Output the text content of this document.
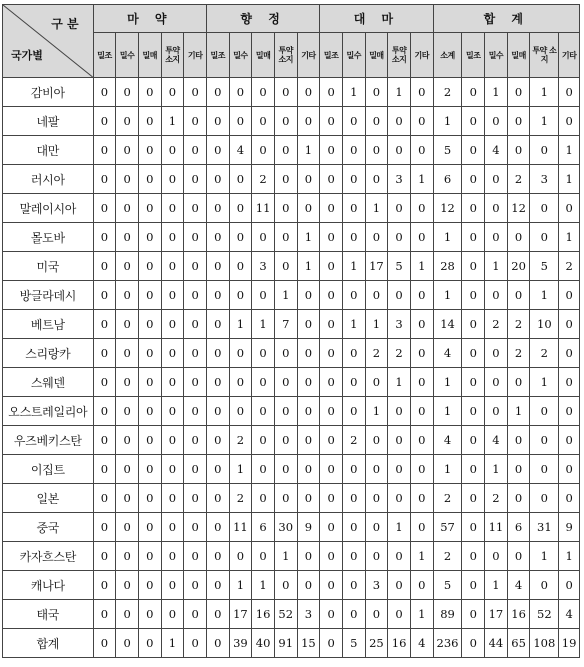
구 분
국가별	마 약					향 정					대 마					합 계					
	밀조	밀수	밀매	투약 소지	기타	밀조	밀수	밀매	투약 소지	기타	밀조	밀수	밀매	투약 소지	기타	소계	밀조	밀수	밀매	투약 소지	기타
감비아	0	0	0	0	0	0	0	0	0	0	0	1	0	1	0	2	0	1	0	1	0
네팔	0	0	0	1	0	0	0	0	0	0	0	0	0	0	0	1	0	0	0	1	0
대만	0	0	0	0	0	0	4	0	0	1	0	0	0	0	0	5	0	4	0	0	1
러시아	0	0	0	0	0	0	0	2	0	0	0	0	0	3	1	6	0	0	2	3	1
말레이시아	0	0	0	0	0	0	0	11	0	0	0	0	1	0	0	12	0	0	12	0	0
몰도바	0	0	0	0	0	0	0	0	0	1	0	0	0	0	0	1	0	0	0	0	1
미국	0	0	0	0	0	0	0	3	0	1	0	1	17	5	1	28	0	1	20	5	2
방글라데시	0	0	0	0	0	0	0	0	1	0	0	0	0	0	0	1	0	0	0	1	0
베트남	0	0	0	0	0	0	1	1	7	0	0	1	1	3	0	14	0	2	2	10	0
스리랑카	0	0	0	0	0	0	0	0	0	0	0	0	2	2	0	4	0	0	2	2	0
스웨덴	0	0	0	0	0	0	0	0	0	0	0	0	0	1	0	1	0	0	0	1	0
오스트레일리아	0	0	0	0	0	0	0	0	0	0	0	0	1	0	0	1	0	0	1	0	0
우즈베키스탄	0	0	0	0	0	0	2	0	0	0	0	2	0	0	0	4	0	4	0	0	0
이집트	0	0	0	0	0	0	1	0	0	0	0	0	0	0	0	1	0	1	0	0	0
일본	0	0	0	0	0	0	2	0	0	0	0	0	0	0	0	2	0	2	0	0	0
중국	0	0	0	0	0	0	11	6	30	9	0	0	0	1	0	57	0	11	6	31	9
카자흐스탄	0	0	0	0	0	0	0	0	1	0	0	0	0	0	1	2	0	0	0	1	1
캐나다	0	0	0	0	0	0	1	1	0	0	0	0	3	0	0	5	0	1	4	0	0
태국	0	0	0	0	0	0	17	16	52	3	0	0	0	0	1	89	0	17	16	52	4
합계	0	0	0	1	0	0	39	40	91	15	0	5	25	16	4	236	0	44	65	108	19
